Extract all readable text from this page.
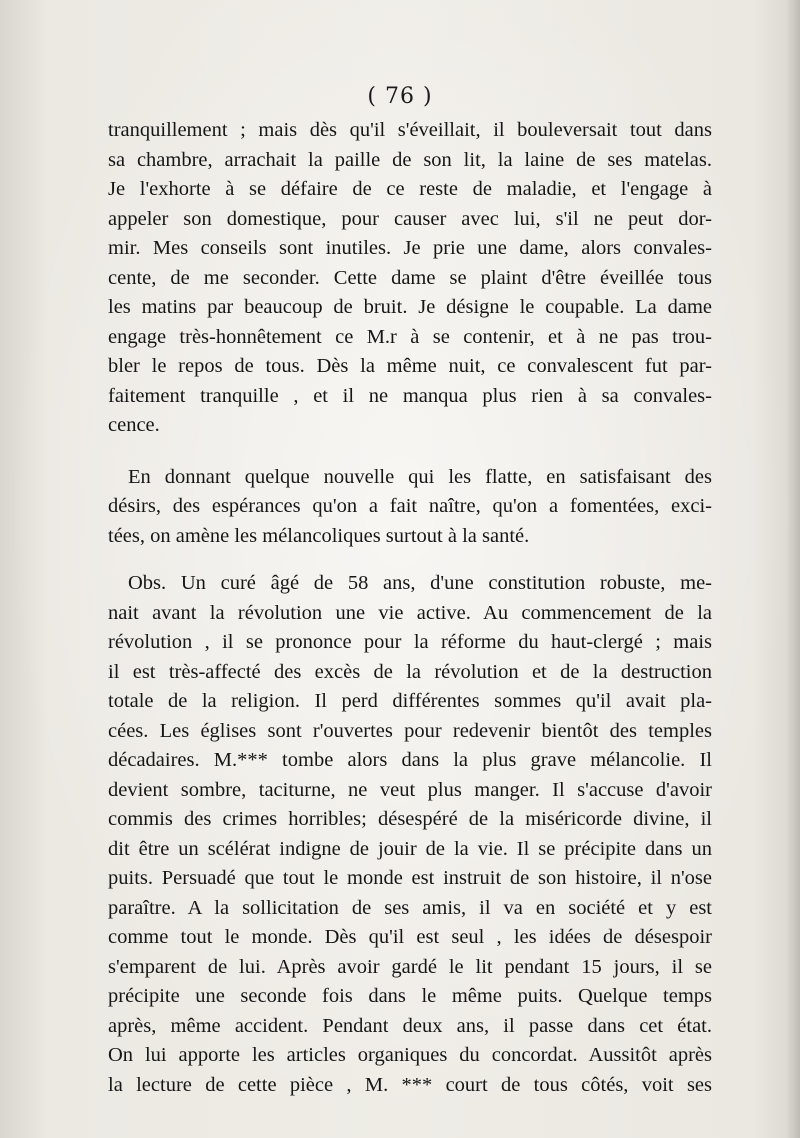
( 76 )
tranquillement ; mais dès qu'il s'éveillait, il bouleversait tout dans
sa chambre, arrachait la paille de son lit, la laine de ses matelas.
Je l'exhorte à se défaire de ce reste de maladie, et l'engage à
appeler son domestique, pour causer avec lui, s'il ne peut dor-
mir. Mes conseils sont inutiles. Je prie une dame, alors convales-
cente, de me seconder. Cette dame se plaint d'être éveillée tous
les matins par beaucoup de bruit. Je désigne le coupable. La dame
engage très-honnêtement ce M.r à se contenir, et à ne pas trou-
bler le repos de tous. Dès la même nuit, ce convalescent fut par-
faitement tranquille , et il ne manqua plus rien à sa convales-
cence.
En donnant quelque nouvelle qui les flatte, en satisfaisant des
désirs, des espérances qu'on a fait naître, qu'on a fomentées, exci-
tées, on amène les mélancoliques surtout à la santé.
Obs. Un curé âgé de 58 ans, d'une constitution robuste, me-
nait avant la révolution une vie active. Au commencement de la
révolution , il se prononce pour la réforme du haut-clergé ; mais
il est très-affecté des excès de la révolution et de la destruction
totale de la religion. Il perd différentes sommes qu'il avait pla-
cées. Les églises sont r'ouvertes pour redevenir bientôt des temples
décadaires. M.*** tombe alors dans la plus grave mélancolie. Il
devient sombre, taciturne, ne veut plus manger. Il s'accuse d'avoir
commis des crimes horribles; désespéré de la miséricorde divine, il
dit être un scélérat indigne de jouir de la vie. Il se précipite dans un
puits. Persuadé que tout le monde est instruit de son histoire, il n'ose
paraître. A la sollicitation de ses amis, il va en société et y est
comme tout le monde. Dès qu'il est seul , les idées de désespoir
s'emparent de lui. Après avoir gardé le lit pendant 15 jours, il se
précipite une seconde fois dans le même puits. Quelque temps
après, même accident. Pendant deux ans, il passe dans cet état.
On lui apporte les articles organiques du concordat. Aussitôt après
la lecture de cette pièce , M. *** court de tous côtés, voit ses
